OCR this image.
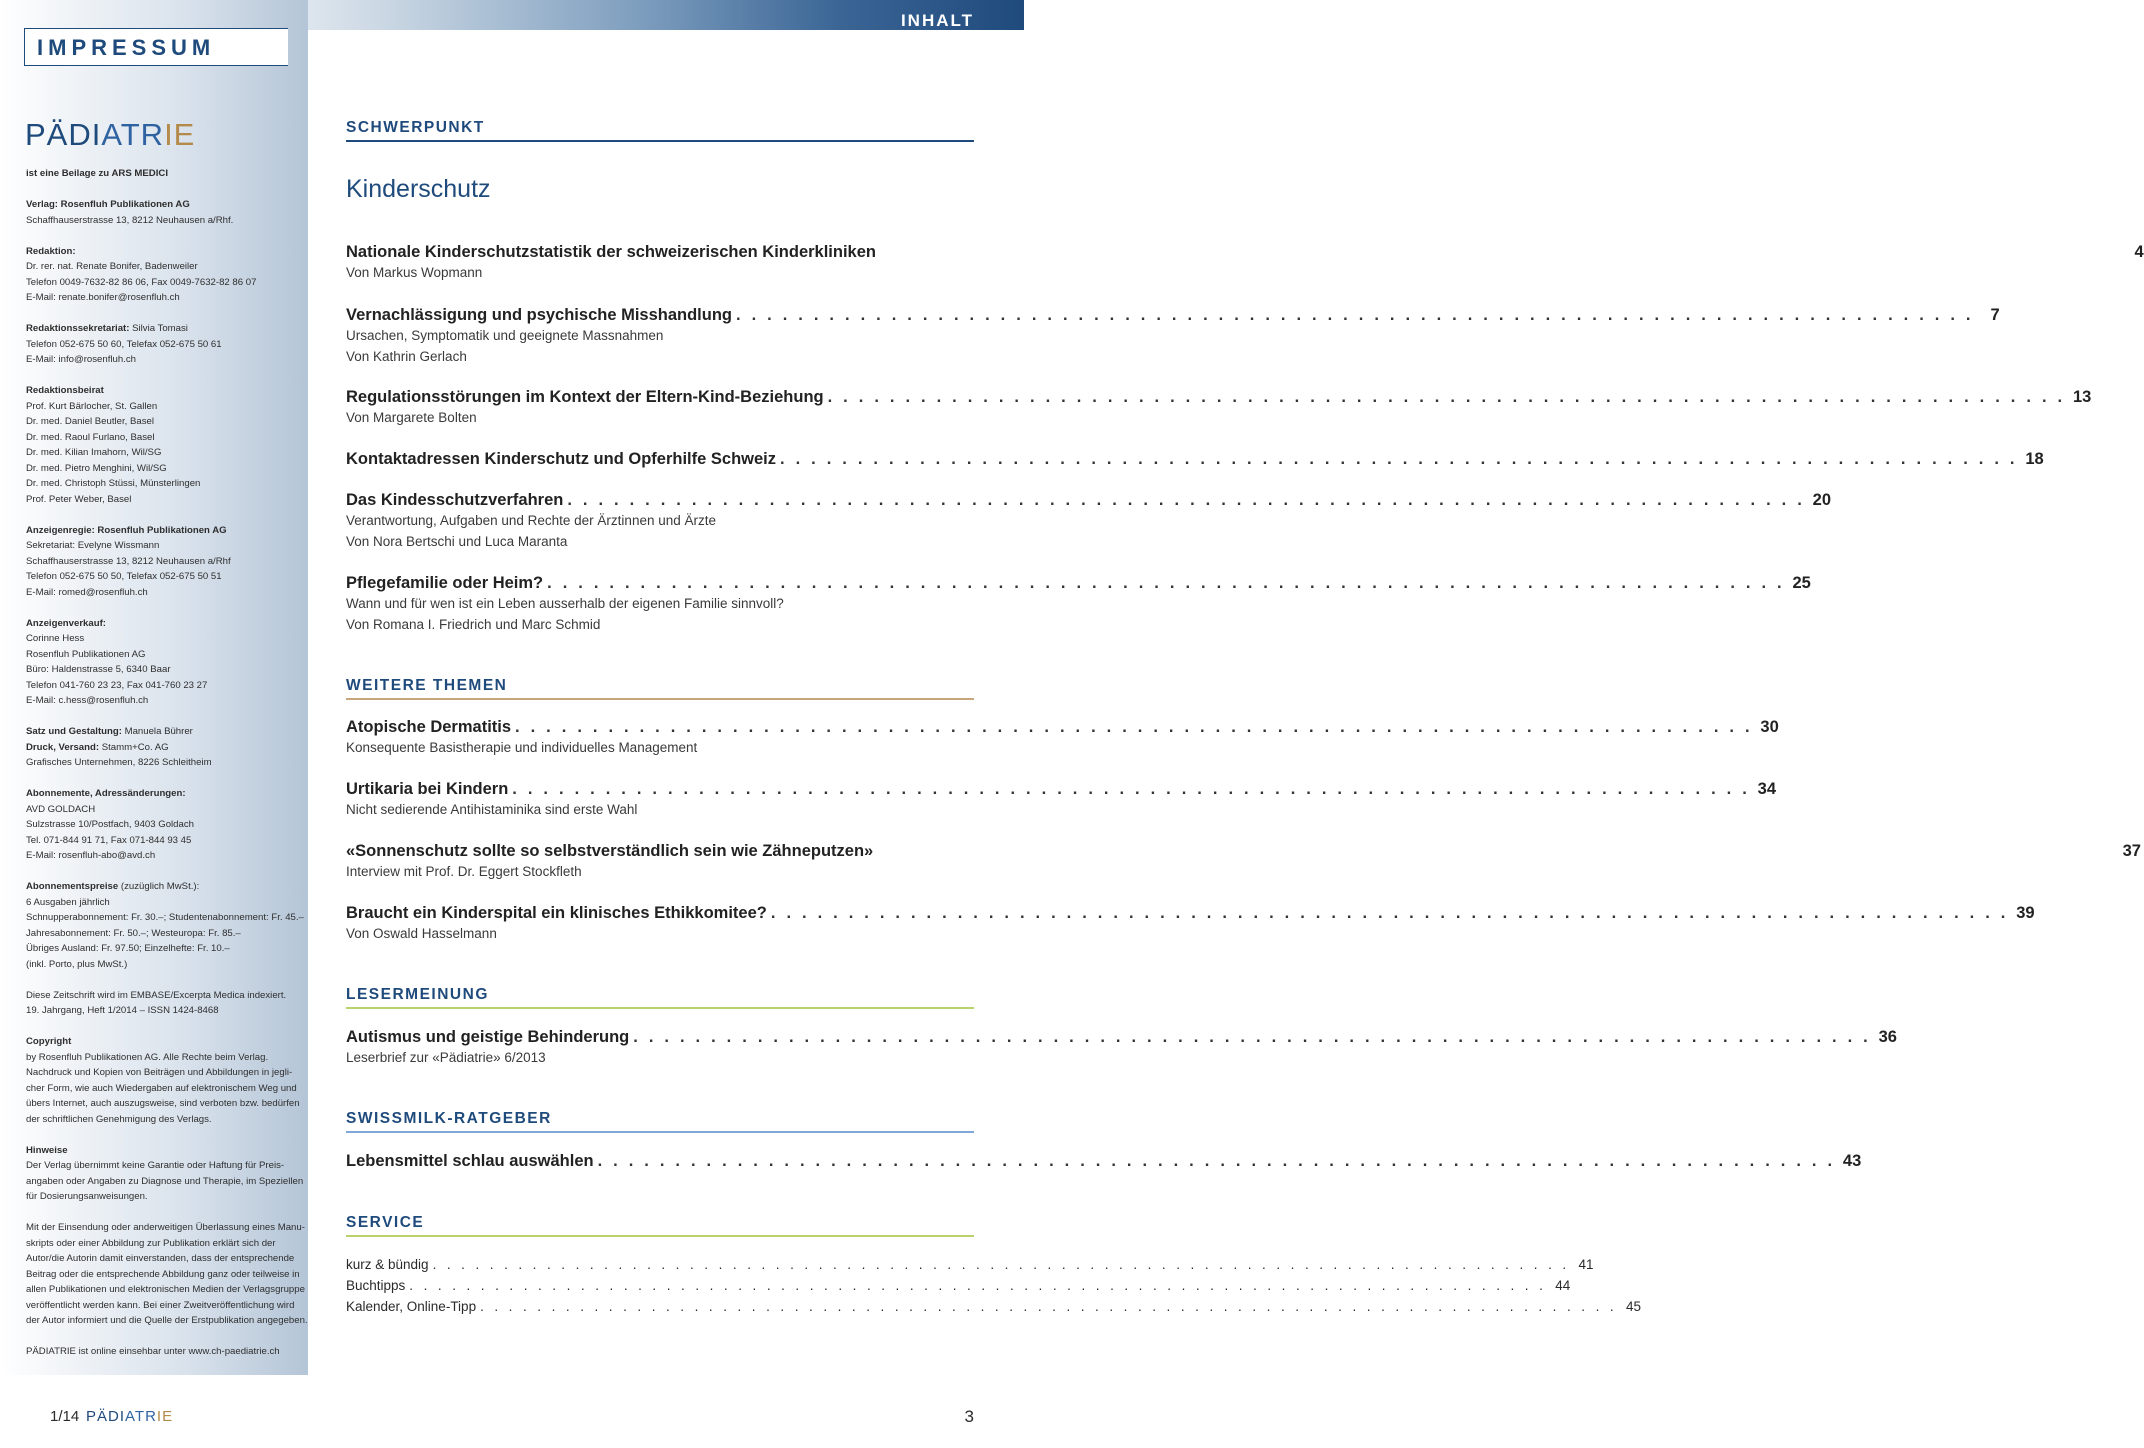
INHALT
IMPRESSUM
PÄDIATRIE
ist eine Beilage zu ARS MEDICI
Verlag: Rosenfluh Publikationen AG
Schaffhauserstrasse 13, 8212 Neuhausen a/Rhf.
Redaktion:
Dr. rer. nat. Renate Bonifer, Badenweiler
Telefon 0049-7632-82 86 06, Fax 0049-7632-82 86 07
E-Mail: renate.bonifer@rosenfluh.ch
Redaktionssekretariat: Silvia Tomasi
Telefon 052-675 50 60, Telefax 052-675 50 61
E-Mail: info@rosenfluh.ch
Redaktionsbeirat
Prof. Kurt Bärlocher, St. Gallen
Dr. med. Daniel Beutler, Basel
Dr. med. Raoul Furlano, Basel
Dr. med. Kilian Imahorn, Wil/SG
Dr. med. Pietro Menghini, Wil/SG
Dr. med. Christoph Stüssi, Münsterlingen
Prof. Peter Weber, Basel
Anzeigenregie: Rosenfluh Publikationen AG
Sekretariat: Evelyne Wissmann
Schaffhauserstrasse 13, 8212 Neuhausen a/Rhf
Telefon 052-675 50 50, Telefax 052-675 50 51
E-Mail: romed@rosenfluh.ch
Anzeigenverkauf:
Corinne Hess
Rosenfluh Publikationen AG
Büro: Haldenstrasse 5, 6340 Baar
Telefon 041-760 23 23, Fax 041-760 23 27
E-Mail: c.hess@rosenfluh.ch
Satz und Gestaltung: Manuela Bührer
Druck, Versand: Stamm+Co. AG
Grafisches Unternehmen, 8226 Schleitheim
Abonnemente, Adressänderungen:
AVD GOLDACH
Sulzstrasse 10/Postfach, 9403 Goldach
Tel. 071-844 91 71, Fax 071-844 93 45
E-Mail: rosenfluh-abo@avd.ch
Abonnementspreise (zuzüglich MwSt.):
6 Ausgaben jährlich
Schnupperabonnement: Fr. 30.–; Studentenabonnement: Fr. 45.–
Jahresabonnement: Fr. 50.–; Westeuropa: Fr. 85.–
Übriges Ausland: Fr. 97.50; Einzelhefte: Fr. 10.–
(inkl. Porto, plus MwSt.)
Diese Zeitschrift wird im EMBASE/Excerpta Medica indexiert.
19. Jahrgang, Heft 1/2014 – ISSN 1424-8468
Copyright
by Rosenfluh Publikationen AG. Alle Rechte beim Verlag.
Nachdruck und Kopien von Beiträgen und Abbildungen in jegli-
cher Form, wie auch Wiedergaben auf elektronischem Weg und
übers Internet, auch auszugsweise, sind verboten bzw. bedürfen
der schriftlichen Genehmigung des Verlags.
Hinweise
Der Verlag übernimmt keine Garantie oder Haftung für Preis-
angaben oder Angaben zu Diagnose und Therapie, im Speziellen
für Dosierungsanweisungen.
Mit der Einsendung oder anderweitigen Überlassung eines Manu-
skripts oder einer Abbildung zur Publikation erklärt sich der
Autor/die Autorin damit einverstanden, dass der entsprechende
Beitrag oder die entsprechende Abbildung ganz oder teilweise in
allen Publikationen und elektronischen Medien der Verlagsgruppe
veröffentlicht werden kann. Bei einer Zweitveröffentlichung wird
der Autor informiert und die Quelle der Erstpublikation angegeben.
PÄDIATRIE ist online einsehbar unter www.ch-paediatrie.ch
SCHWERPUNKT
Kinderschutz
Nationale Kinderschutzstatistik der schweizerischen Kinderkliniken	4
Von Markus Wopmann
Vernachlässigung und psychische Misshandlung . . . . . . . . . . . . . . . . . . . . . . . . . . . . . . . . . . . . . . . . . . . . . . . . . . . . . . . . . . . . . . . . . . . . . . . . . . . . . . . .	7
Ursachen, Symptomatik und geeignete Massnahmen
Von Kathrin Gerlach
Regulationsstörungen im Kontext der Eltern-Kind-Beziehung . . . . . . . . . . . . . . . . . . . . . . . . . . . . . . . . . . . . . . . . . . . . . . . . . . . . . . . . . . . . . . . . . . . . . . . . . . . . . . . . 13
Von Margarete Bolten
Kontaktadressen Kinderschutz und Opferhilfe Schweiz . . . . . . . . . . . . . . . . . . . . . . . . . . . . . . . . . . . . . . . . . . . . . . . . . . . . . . . . . . . . . . . . . . . . . . . . . . . . . . . . 18
Das Kindesschutzverfahren . . . . . . . . . . . . . . . . . . . . . . . . . . . . . . . . . . . . . . . . . . . . . . . . . . . . . . . . . . . . . . . . . . . . . . . . . . . . . . . . 20
Verantwortung, Aufgaben und Rechte der Ärztinnen und Ärzte
Von Nora Bertschi und Luca Maranta
Pflegefamilie oder Heim? . . . . . . . . . . . . . . . . . . . . . . . . . . . . . . . . . . . . . . . . . . . . . . . . . . . . . . . . . . . . . . . . . . . . . . . . . . . . . . . . 25
Wann und für wen ist ein Leben ausserhalb der eigenen Familie sinnvoll?
Von Romana I. Friedrich und Marc Schmid
WEITERE THEMEN
Atopische Dermatitis . . . . . . . . . . . . . . . . . . . . . . . . . . . . . . . . . . . . . . . . . . . . . . . . . . . . . . . . . . . . . . . . . . . . . . . . . . . . . . . . 30
Konsequente Basistherapie und individuelles Management
Urtikaria bei Kindern . . . . . . . . . . . . . . . . . . . . . . . . . . . . . . . . . . . . . . . . . . . . . . . . . . . . . . . . . . . . . . . . . . . . . . . . . . . . . . . . 34
Nicht sedierende Antihistaminika sind erste Wahl
«Sonnenschutz sollte so selbstverständlich sein wie Zähneputzen»	37
Interview mit Prof. Dr. Eggert Stockfleth
Braucht ein Kinderspital ein klinisches Ethikkomitee? . . . . . . . . . . . . . . . . . . . . . . . . . . . . . . . . . . . . . . . . . . . . . . . . . . . . . . . . . . . . . . . . . . . . . . . . . . . . . . . . 39
Von Oswald Hasselmann
LESERMEINUNG
Autismus und geistige Behinderung . . . . . . . . . . . . . . . . . . . . . . . . . . . . . . . . . . . . . . . . . . . . . . . . . . . . . . . . . . . . . . . . . . . . . . . . . . . . . . . . 36
Leserbrief zur «Pädiatrie» 6/2013
SWISSMILK-RATGEBER
Lebensmittel schlau auswählen . . . . . . . . . . . . . . . . . . . . . . . . . . . . . . . . . . . . . . . . . . . . . . . . . . . . . . . . . . . . . . . . . . . . . . . . . . . . . . . . 43
SERVICE
kurz & bündig . . . . . . . . . . . . . . . . . . . . . . . . . . . . . . . . . . . . . . . . . . . . . . . . . . . . . . . . . . . . . . . . . . . . . . . . . . . . . . . . 41
Buchtipps . . . . . . . . . . . . . . . . . . . . . . . . . . . . . . . . . . . . . . . . . . . . . . . . . . . . . . . . . . . . . . . . . . . . . . . . . . . . . . . . 44
Kalender, Online-Tipp . . . . . . . . . . . . . . . . . . . . . . . . . . . . . . . . . . . . . . . . . . . . . . . . . . . . . . . . . . . . . . . . . . . . . . . . . . . . . . . . 45
1/14 PÄDIATRIE	3
